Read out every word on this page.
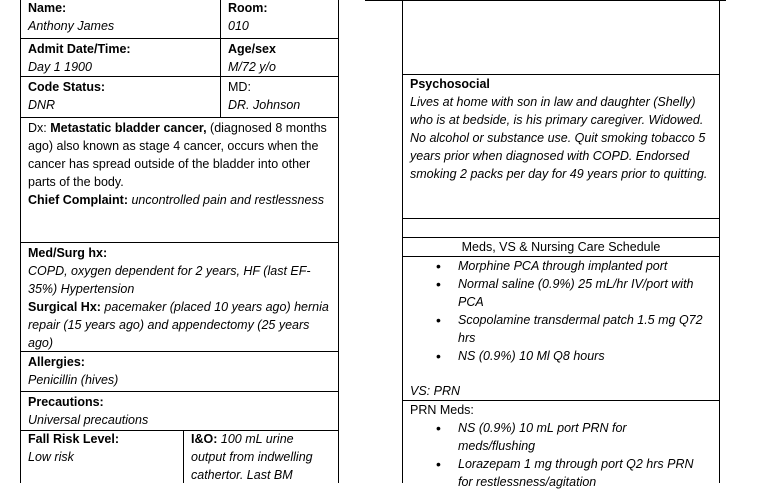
Name:
Anthony James
Room:
010
Admit Date/Time:
Day 1 1900
Age/sex
M/72 y/o
Code Status:
DNR
MD:
DR. Johnson
Dx: Metastatic bladder cancer, (diagnosed 8 months ago) also known as stage 4 cancer, occurs when the cancer has spread outside of the bladder into other parts of the body.
Chief Complaint: uncontrolled pain and restlessness
Med/Surg hx:
COPD, oxygen dependent for 2 years, HF (last EF-35%) Hypertension
Surgical Hx: pacemaker (placed 10 years ago) hernia repair (15 years ago) and appendectomy (25 years ago)
Allergies:
Penicillin (hives)
Precautions:
Universal precautions
Fall Risk Level:
Low risk
I&O: 100 mL urine output from indwelling cathertor. Last BM
Psychosocial
Lives at home with son in law and daughter (Shelly) who is at bedside, is his primary caregiver. Widowed. No alcohol or substance use. Quit smoking tobacco 5 years prior when diagnosed with COPD. Endorsed smoking 2 packs per day for 49 years prior to quitting.
Meds, VS & Nursing Care Schedule
• Morphine PCA through implanted port
• Normal saline (0.9%) 25 mL/hr IV/port with PCA
• Scopolamine transdermal patch 1.5 mg Q72 hrs
• NS (0.9%) 10 Ml Q8 hours
VS: PRN
PRN Meds:
• NS (0.9%) 10 mL port PRN for meds/flushing
• Lorazepam 1 mg through port Q2 hrs PRN for restlessness/agitation
